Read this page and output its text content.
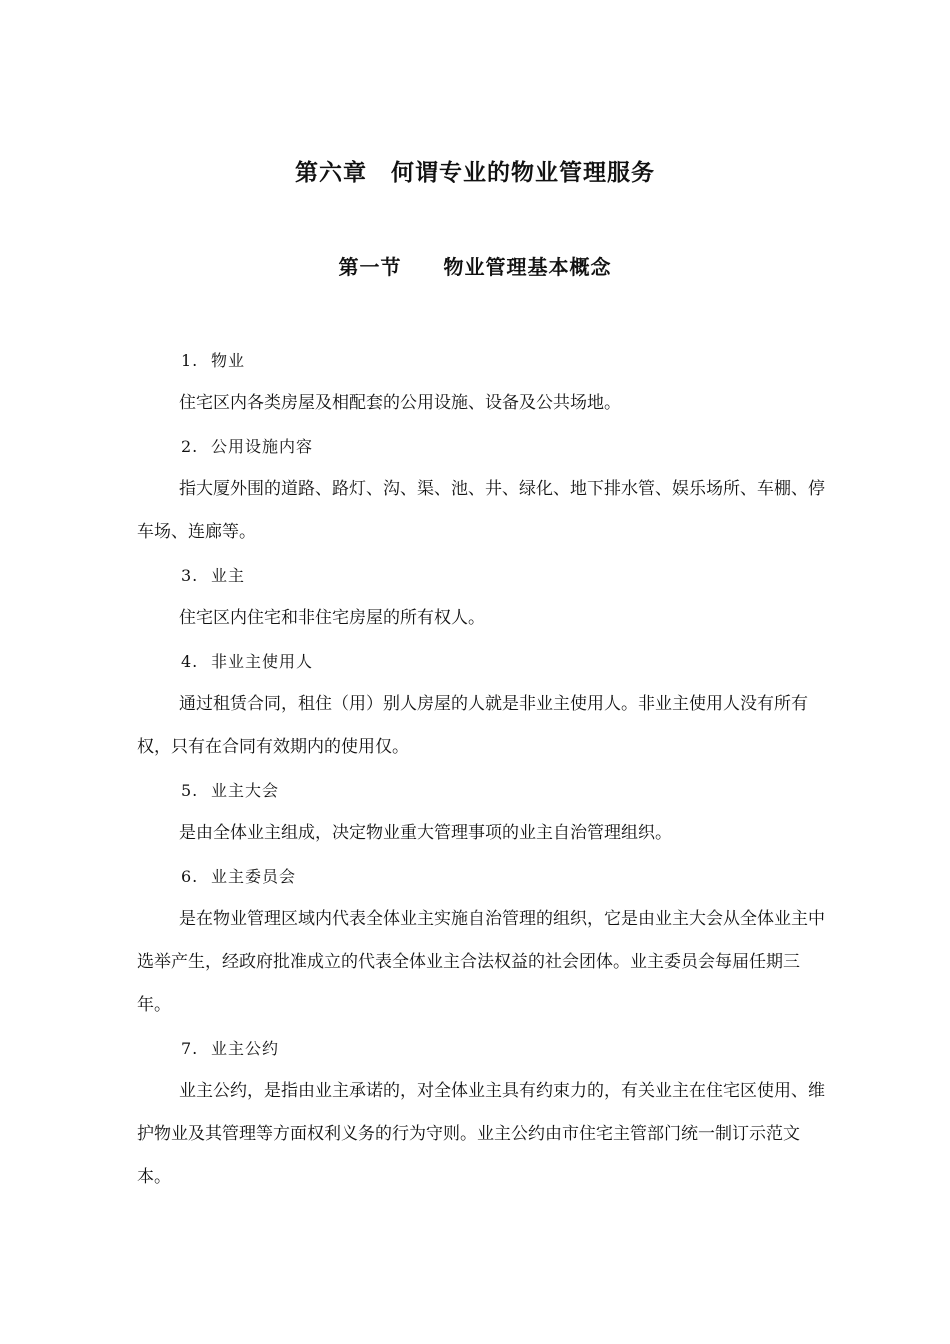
第六章　何谓专业的物业管理服务
第一节　　物业管理基本概念
1. 物业

住宅区内各类房屋及相配套的公用设施、设备及公共场地。

2. 公用设施内容

指大厦外围的道路、路灯、沟、渠、池、井、绿化、地下排水管、娱乐场所、车棚、停车场、连廊等。

3. 业主

住宅区内住宅和非住宅房屋的所有权人。

4. 非业主使用人

通过租赁合同，租住（用）别人房屋的人就是非业主使用人。非业主使用人没有所有权，只有在合同有效期内的使用仅。

5. 业主大会

是由全体业主组成，决定物业重大管理事项的业主自治管理组织。

6. 业主委员会

是在物业管理区域内代表全体业主实施自治管理的组织，它是由业主大会从全体业主中选举产生，经政府批准成立的代表全体业主合法权益的社会团体。业主委员会每届任期三年。

7. 业主公约

业主公约，是指由业主承诺的，对全体业主具有约束力的，有关业主在住宅区使用、维护物业及其管理等方面权利义务的行为守则。业主公约由市住宅主管部门统一制订示范文本。
